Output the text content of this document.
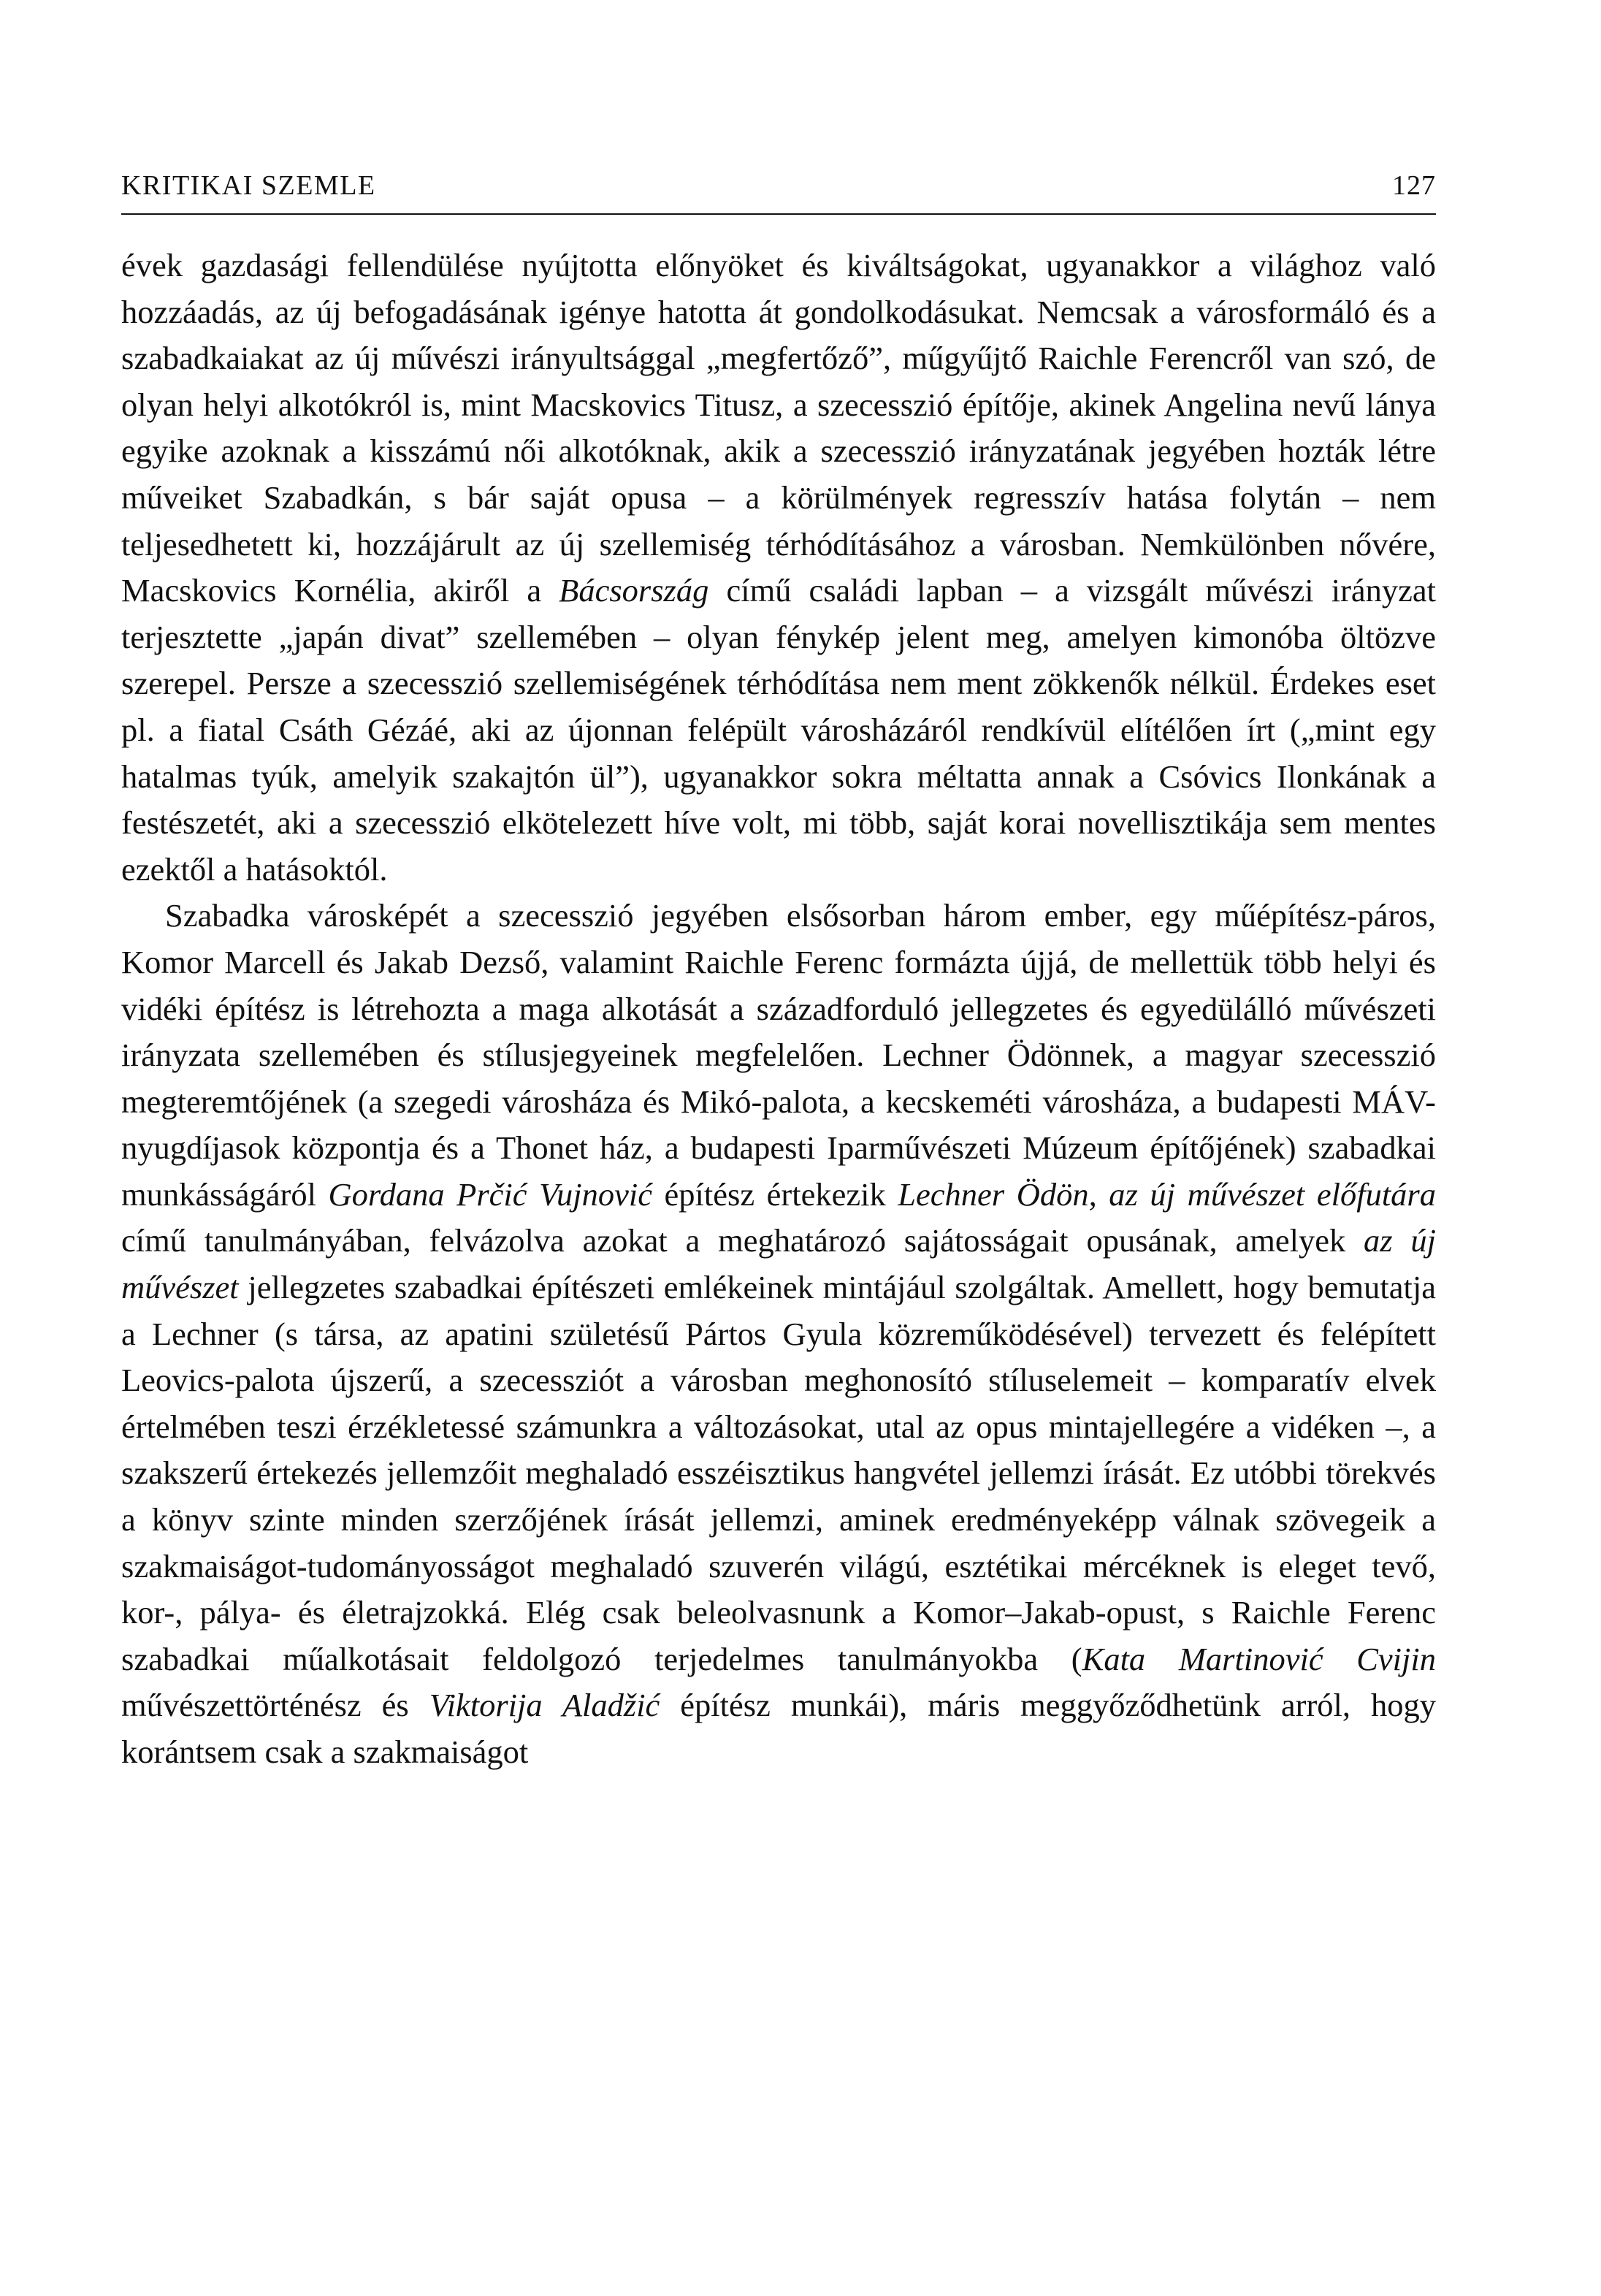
KRITIKAI SZEMLE	127

évek gazdasági fellendülése nyújtotta előnyöket és kiváltságokat, ugyanakkor a világhoz való hozzáadás, az új befogadásának igénye hatotta át gondolkodásukat. Nemcsak a városformáló és a szabadkaiakat az új művészi irányultsággal „megfertőző”, műgyűjtő Raichle Ferencről van szó, de olyan helyi alkotókról is, mint Macskovics Titusz, a szecesszió építője, akinek Angelina nevű lánya egyike azoknak a kisszámú női alkotóknak, akik a szecesszió irányzatának jegyében hozták létre műveiket Szabadkán, s bár saját opusa – a körülmények regresszív hatása folytán – nem teljesedhetett ki, hozzájárult az új szellemiség térhódításához a városban. Nemkülönben nővére, Macskovics Kornélia, akiről a Bácsország című családi lapban – a vizsgált művészi irányzat terjesztette „japán divat” szellemében – olyan fénykép jelent meg, amelyen kimonóba öltözve szerepel. Persze a szecesszió szellemiségének térhódítása nem ment zökkenők nélkül. Érdekes eset pl. a fiatal Csáth Gézáé, aki az újonnan felépült városházáról rendkívül elítélően írt („mint egy hatalmas tyúk, amelyik szakajtón ül”), ugyanakkor sokra méltatta annak a Csóvics Ilonkának a festészetét, aki a szecesszió elkötelezett híve volt, mi több, saját korai novellisztikája sem mentes ezektől a hatásoktól.

Szabadka városképét a szecesszió jegyében elsősorban három ember, egy műépítész-páros, Komor Marcell és Jakab Dezső, valamint Raichle Ferenc formázta újjá, de mellettük több helyi és vidéki építész is létrehozta a maga alkotását a századforduló jellegzetes és egyedülálló művészeti irányzata szellemében és stílusjegyeinek megfelelően. Lechner Ödönnek, a magyar szecesszió megteremtőjének (a szegedi városháza és Mikó-palota, a kecskeméti városháza, a budapesti MÁV-nyugdíjasok központja és a Thonet ház, a budapesti Iparművészeti Múzeum építőjének) szabadkai munkásságáról Gordana Prčić Vujnović építész értekezik Lechner Ödön, az új művészet előfutára című tanulmányában, felvázolva azokat a meghatározó sajátosságait opusának, amelyek az új művészet jellegzetes szabadkai építészeti emlékeinek mintájául szolgáltak. Amellett, hogy bemutatja a Lechner (s társa, az apatini születésű Pártos Gyula közreműködésével) tervezett és felépített Leovics-palota újszerű, a szecessziót a városban meghonosító stíluselemeit – komparatív elvek értelmében teszi érzékletessé számunkra a változásokat, utal az opus mintajellegére a vidéken –, a szakszerű értekezés jellemzőit meghaladó esszéisztikus hangvétel jellemzi írását. Ez utóbbi törekvés a könyv szinte minden szerzőjének írását jellemzi, aminek eredményeképp válnak szövegeik a szakmaiságot-tudományosságot meghaladó szuverén világú, esztétikai mércéknek is eleget tevő, kor-, pálya- és életrajzokká. Elég csak beleolvasnunk a Komor–Jakab-opust, s Raichle Ferenc szabadkai műalkotásait feldolgozó terjedelmes tanulmányokba (Kata Martinović Cvijin művészettörténész és Viktorija Aladžić építész munkái), máris meggyőződhetünk arról, hogy korántsem csak a szakmaiságot
